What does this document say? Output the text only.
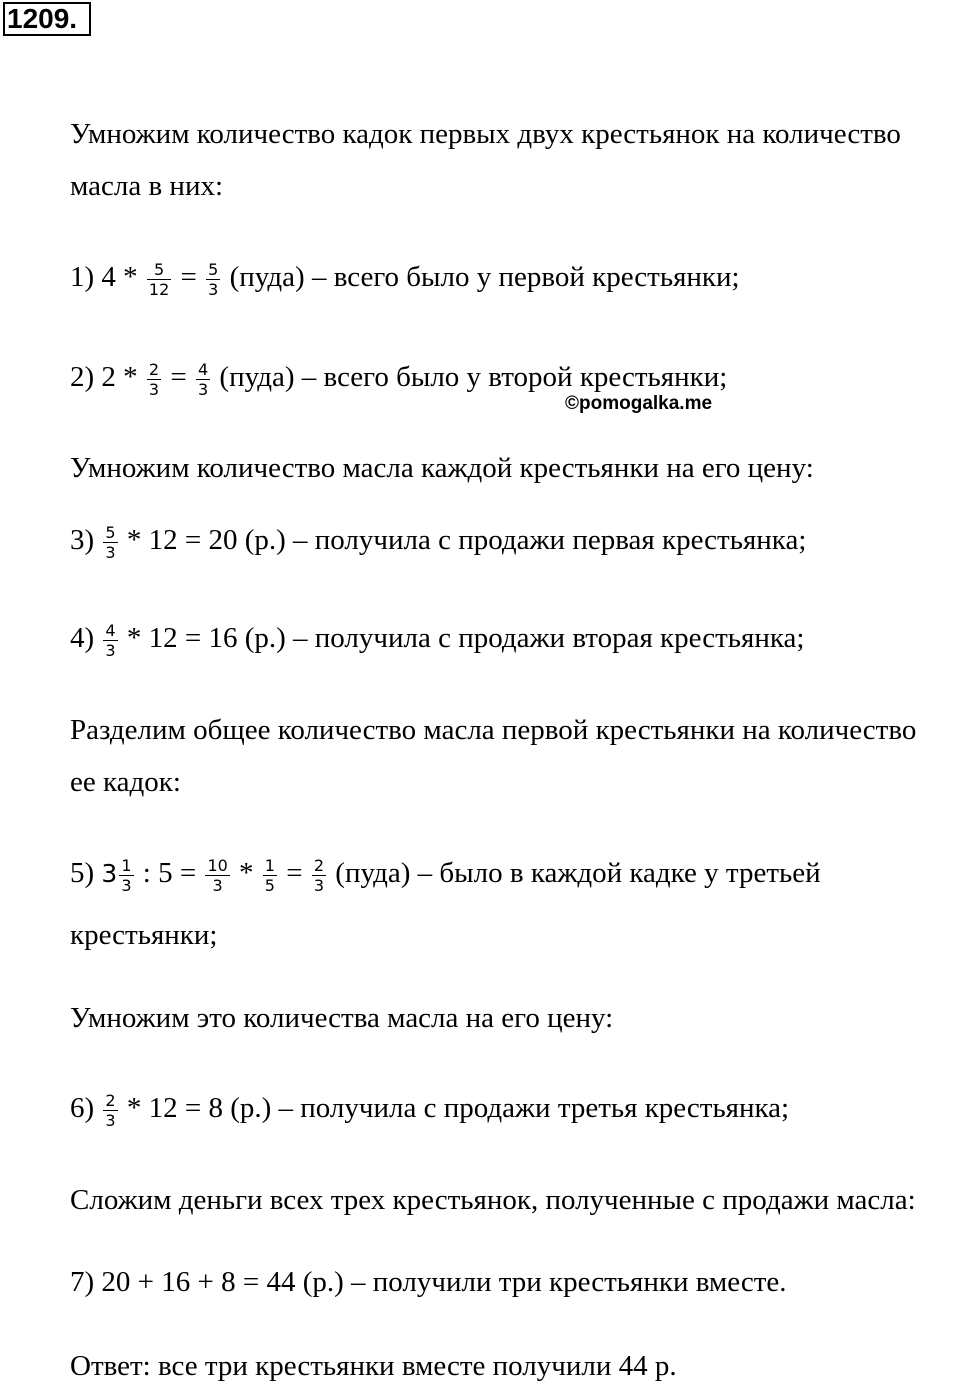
1209.
Умножим количество кадок первых двух крестьянок на количество
масла в них:
1) $4 * \frac{5}{12} = \frac{5}{3}$ (пуда) – всего было у первой крестьянки;
2) $2 * \frac{2}{3} = \frac{4}{3}$ (пуда) – всего было у второй крестьянки;
©pomogalka.me
Умножим количество масла каждой крестьянки на его цену:
$3) \frac{5}{3} * 12 = 20$ (р.) – получила с продажи первая крестьянка;
$4) \frac{4}{3} * 12 = 16$ (р.) – получила с продажи вторая крестьянка;
Разделим общее количество масла первой крестьянки на количество
ее кадок:
5) $3 \frac{1}{3}$ : $5 = \frac{10}{3} * \frac{1}{5} = \frac{2}{3}$ (пуда) – было в каждой кадке у третьей
крестьянки;
Умножим это количества масла на его цену:
$6) \frac{2}{3} * 12 = 8$ (р.) – получила с продажи третья крестьянка;
Сложим деньги всех трех крестьянок, полученные с продажи масла:
7) 20 + 16 + 8 = 44 (р.) – получили три крестьянки вместе.
Ответ: все три крестьянки вместе получили 44 р.
